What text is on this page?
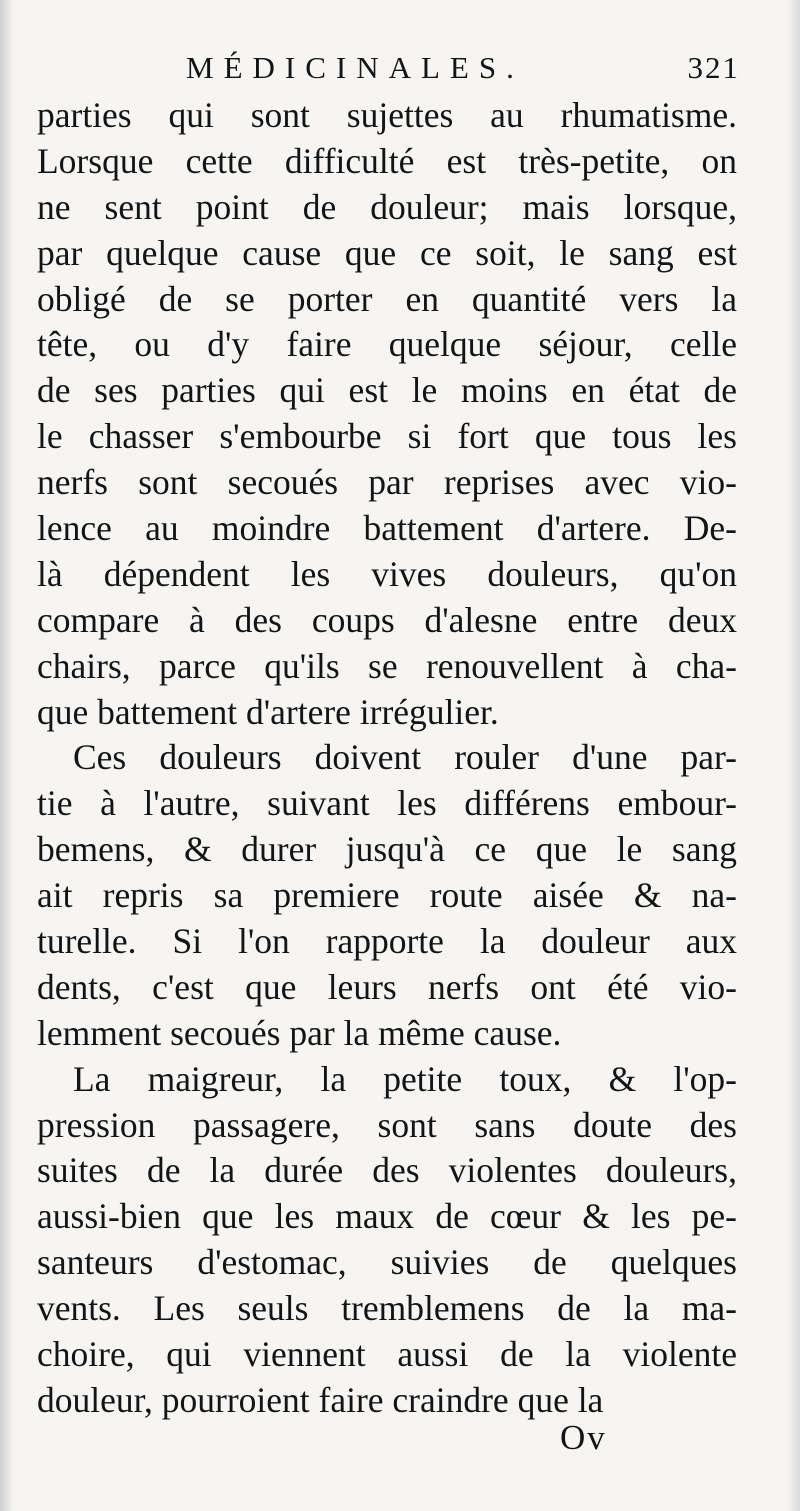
MÉDICINALES.	321
parties qui sont sujettes au rhumatisme.
Lorsque cette difficulté est très-petite, on
ne sent point de douleur; mais lorsque,
par quelque cause que ce soit, le sang est
obligé de se porter en quantité vers la
tête, ou d'y faire quelque séjour, celle
de ses parties qui est le moins en état de
le chasser s'embourbe si fort que tous les
nerfs sont secoués par reprises avec vio-
lence au moindre battement d'artere. De-
là dépendent les vives douleurs, qu'on
compare à des coups d'alesne entre deux
chairs, parce qu'ils se renouvellent à cha-
que battement d'artere irrégulier.
Ces douleurs doivent rouler d'une par-
tie à l'autre, suivant les différens embour-
bemens, & durer jusqu'à ce que le sang
ait repris sa premiere route aisée & na-
turelle. Si l'on rapporte la douleur aux
dents, c'est que leurs nerfs ont été vio-
lemment secoués par la même cause.
La maigreur, la petite toux, & l'op-
pression passagere, sont sans doute des
suites de la durée des violentes douleurs,
aussi-bien que les maux de cœur & les pe-
santeurs d'estomac, suivies de quelques
vents. Les seuls tremblemens de la ma-
choire, qui viennent aussi de la violente
douleur, pourroient faire craindre que la
Ov
